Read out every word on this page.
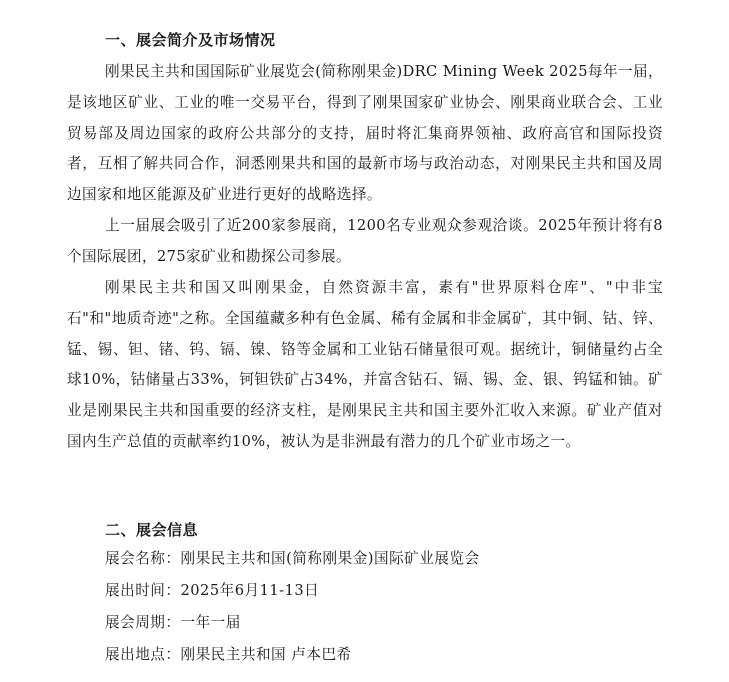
一、展会简介及市场情况

刚果民主共和国国际矿业展览会(简称刚果金)DRC Mining Week 2025每年一届，是该地区矿业、工业的唯一交易平台，得到了刚果国家矿业协会、刚果商业联合会、工业贸易部及周边国家的政府公共部分的支持，届时将汇集商界领袖、政府高官和国际投资者，互相了解共同合作，洞悉刚果共和国的最新市场与政治动态，对刚果民主共和国及周边国家和地区能源及矿业进行更好的战略选择。

上一届展会吸引了近200家参展商，1200名专业观众参观洽谈。2025年预计将有8个国际展团，275家矿业和勘探公司参展。

刚果民主共和国又叫刚果金，自然资源丰富，素有"世界原料仓库"、"中非宝石"和"地质奇迹"之称。全国蕴藏多种有色金属、稀有金属和非金属矿，其中铜、钴、锌、锰、锡、钽、锗、钨、镉、镍、铬等金属和工业钻石储量很可观。据统计，铜储量约占全球10%，钴储量占33%，钶钽铁矿占34%，并富含钻石、镉、锡、金、银、钨锰和铀。矿业是刚果民主共和国重要的经济支柱，是刚果民主共和国主要外汇收入来源。矿业产值对国内生产总值的贡献率约10%，被认为是非洲最有潜力的几个矿业市场之一。

二、展会信息
展会名称：刚果民主共和国(简称刚果金)国际矿业展览会
展出时间：2025年6月11-13日
展会周期：一年一届
展出地点：刚果民主共和国 卢本巴希
